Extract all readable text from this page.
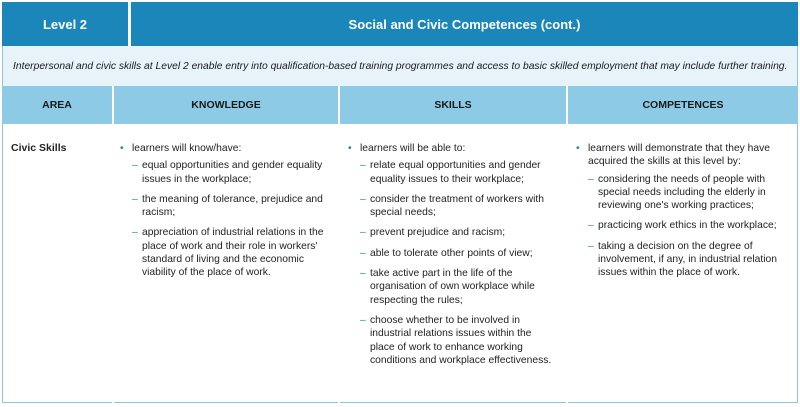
Level 2	Social and Civic Competences (cont.)
Interpersonal and civic skills at Level 2 enable entry into qualification-based training programmes and access to basic skilled employment that may include further training.
AREA	KNOWLEDGE	SKILLS	COMPETENCES
Civic Skills
•	learners will know/have:
– equal opportunities and gender equality issues in the workplace;
– the meaning of tolerance, prejudice and racism;
– appreciation of industrial relations in the place of work and their role in workers' standard of living and the economic viability of the place of work.
• learners will be able to:
– relate equal opportunities and gender equality issues to their workplace;
– consider the treatment of workers with special needs;
– prevent prejudice and racism;
– able to tolerate other points of view;
– take active part in the life of the organisation of own workplace while respecting the rules;
– choose whether to be involved in industrial relations issues within the place of work to enhance working conditions and workplace effectiveness.
• learners will demonstrate that they have acquired the skills at this level by:
– considering the needs of people with special needs including the elderly in reviewing one's working practices;
– practicing work ethics in the workplace;
– taking a decision on the degree of involvement, if any, in industrial relation issues within the place of work.
